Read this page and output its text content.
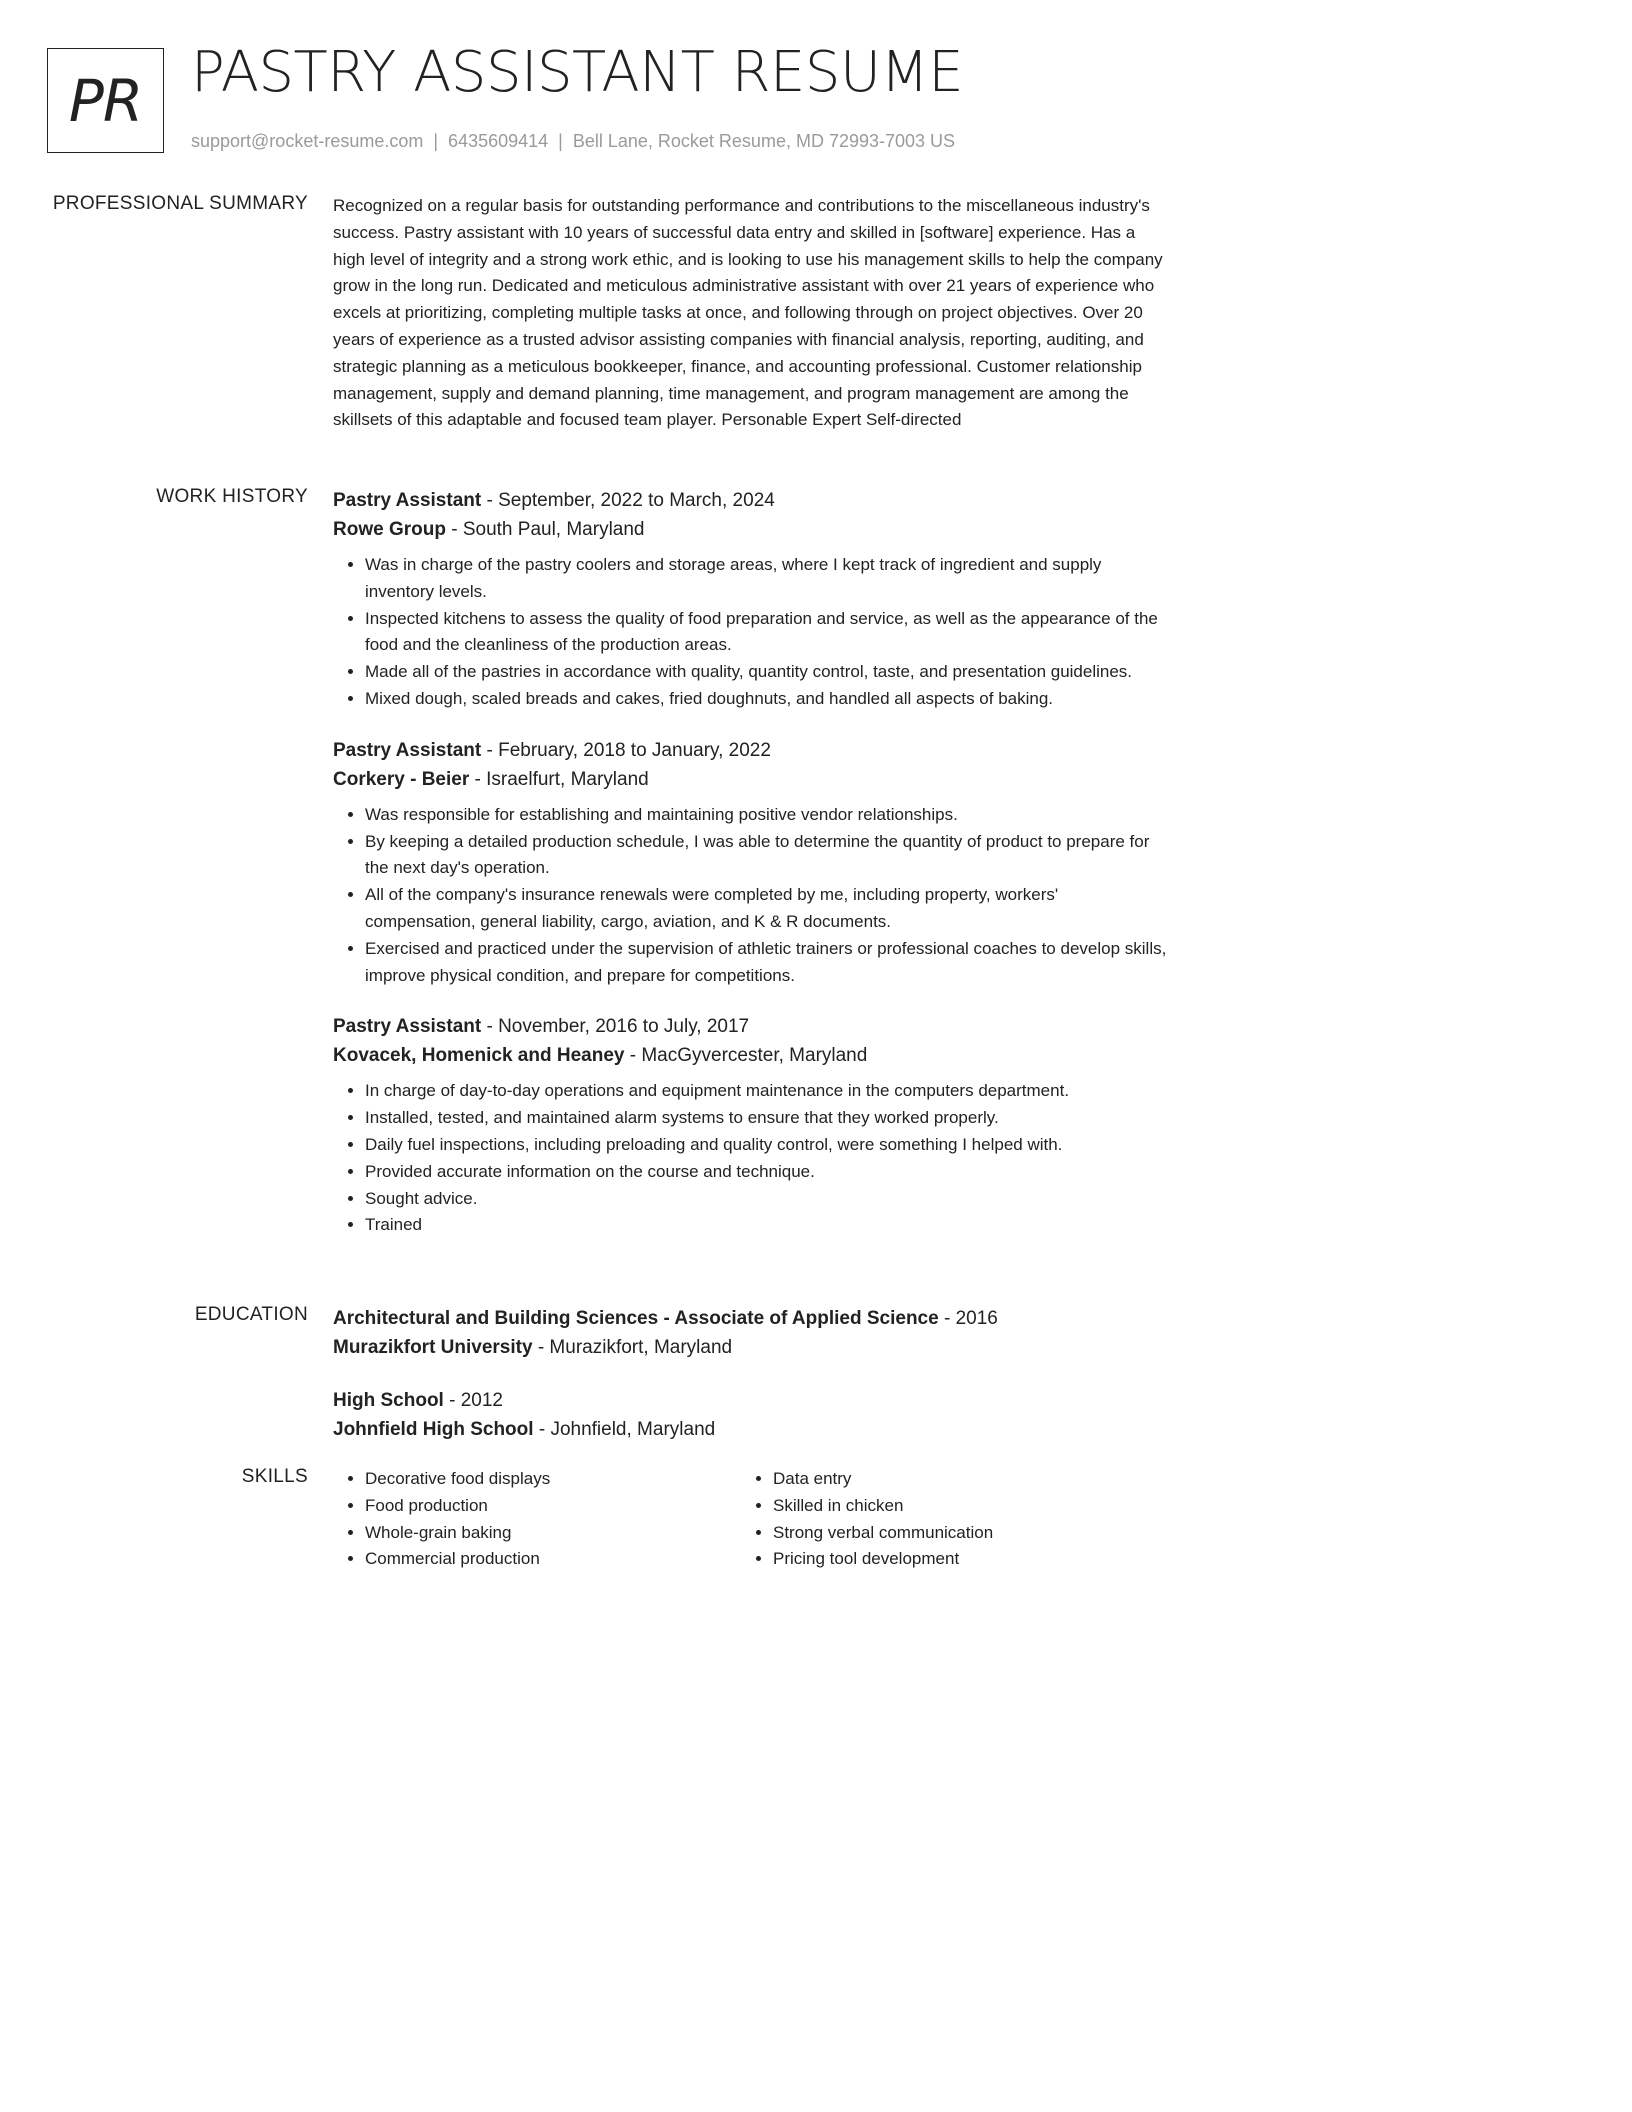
PR PASTRY ASSISTANT RESUME
support@rocket-resume.com | 6435609414 | Bell Lane, Rocket Resume, MD 72993-7003 US
PROFESSIONAL SUMMARY Recognized on a regular basis for outstanding performance and contributions to the miscellaneous industry's success. Pastry assistant with 10 years of successful data entry and skilled in [software] experience. Has a high level of integrity and a strong work ethic, and is looking to use his management skills to help the company grow in the long run. Dedicated and meticulous administrative assistant with over 21 years of experience who excels at prioritizing, completing multiple tasks at once, and following through on project objectives. Over 20 years of experience as a trusted advisor assisting companies with financial analysis, reporting, auditing, and strategic planning as a meticulous bookkeeper, finance, and accounting professional. Customer relationship management, supply and demand planning, time management, and program management are among the skillsets of this adaptable and focused team player. Personable Expert Self-directed

WORK HISTORY Pastry Assistant - September, 2022 to March, 2024
Rowe Group - South Paul, Maryland
• Was in charge of the pastry coolers and storage areas, where I kept track of ingredient and supply inventory levels.
• Inspected kitchens to assess the quality of food preparation and service, as well as the appearance of the food and the cleanliness of the production areas.
• Made all of the pastries in accordance with quality, quantity control, taste, and presentation guidelines.
• Mixed dough, scaled breads and cakes, fried doughnuts, and handled all aspects of baking.
Pastry Assistant - February, 2018 to January, 2022
Corkery - Beier - Israelfurt, Maryland
• Was responsible for establishing and maintaining positive vendor relationships.
• By keeping a detailed production schedule, I was able to determine the quantity of product to prepare for the next day's operation.
• All of the company's insurance renewals were completed by me, including property, workers' compensation, general liability, cargo, aviation, and K & R documents.
• Exercised and practiced under the supervision of athletic trainers or professional coaches to develop skills, improve physical condition, and prepare for competitions.
Pastry Assistant - November, 2016 to July, 2017
Kovacek, Homenick and Heaney - MacGyvercester, Maryland
• In charge of day-to-day operations and equipment maintenance in the computers department.
• Installed, tested, and maintained alarm systems to ensure that they worked properly.
• Daily fuel inspections, including preloading and quality control, were something I helped with.
• Provided accurate information on the course and technique.
• Sought advice.
• Trained
EDUCATION Architectural and Building Sciences - Associate of Applied Science - 2016
Murazikfort University - Murazikfort, Maryland
High School - 2012
Johnfield High School - Johnfield, Maryland
SKILLS
•	Decorative food displays
• Food production
• Whole-grain baking
• Commercial production
• Data entry
• Skilled in chicken
• Strong verbal communication
• Pricing tool development
